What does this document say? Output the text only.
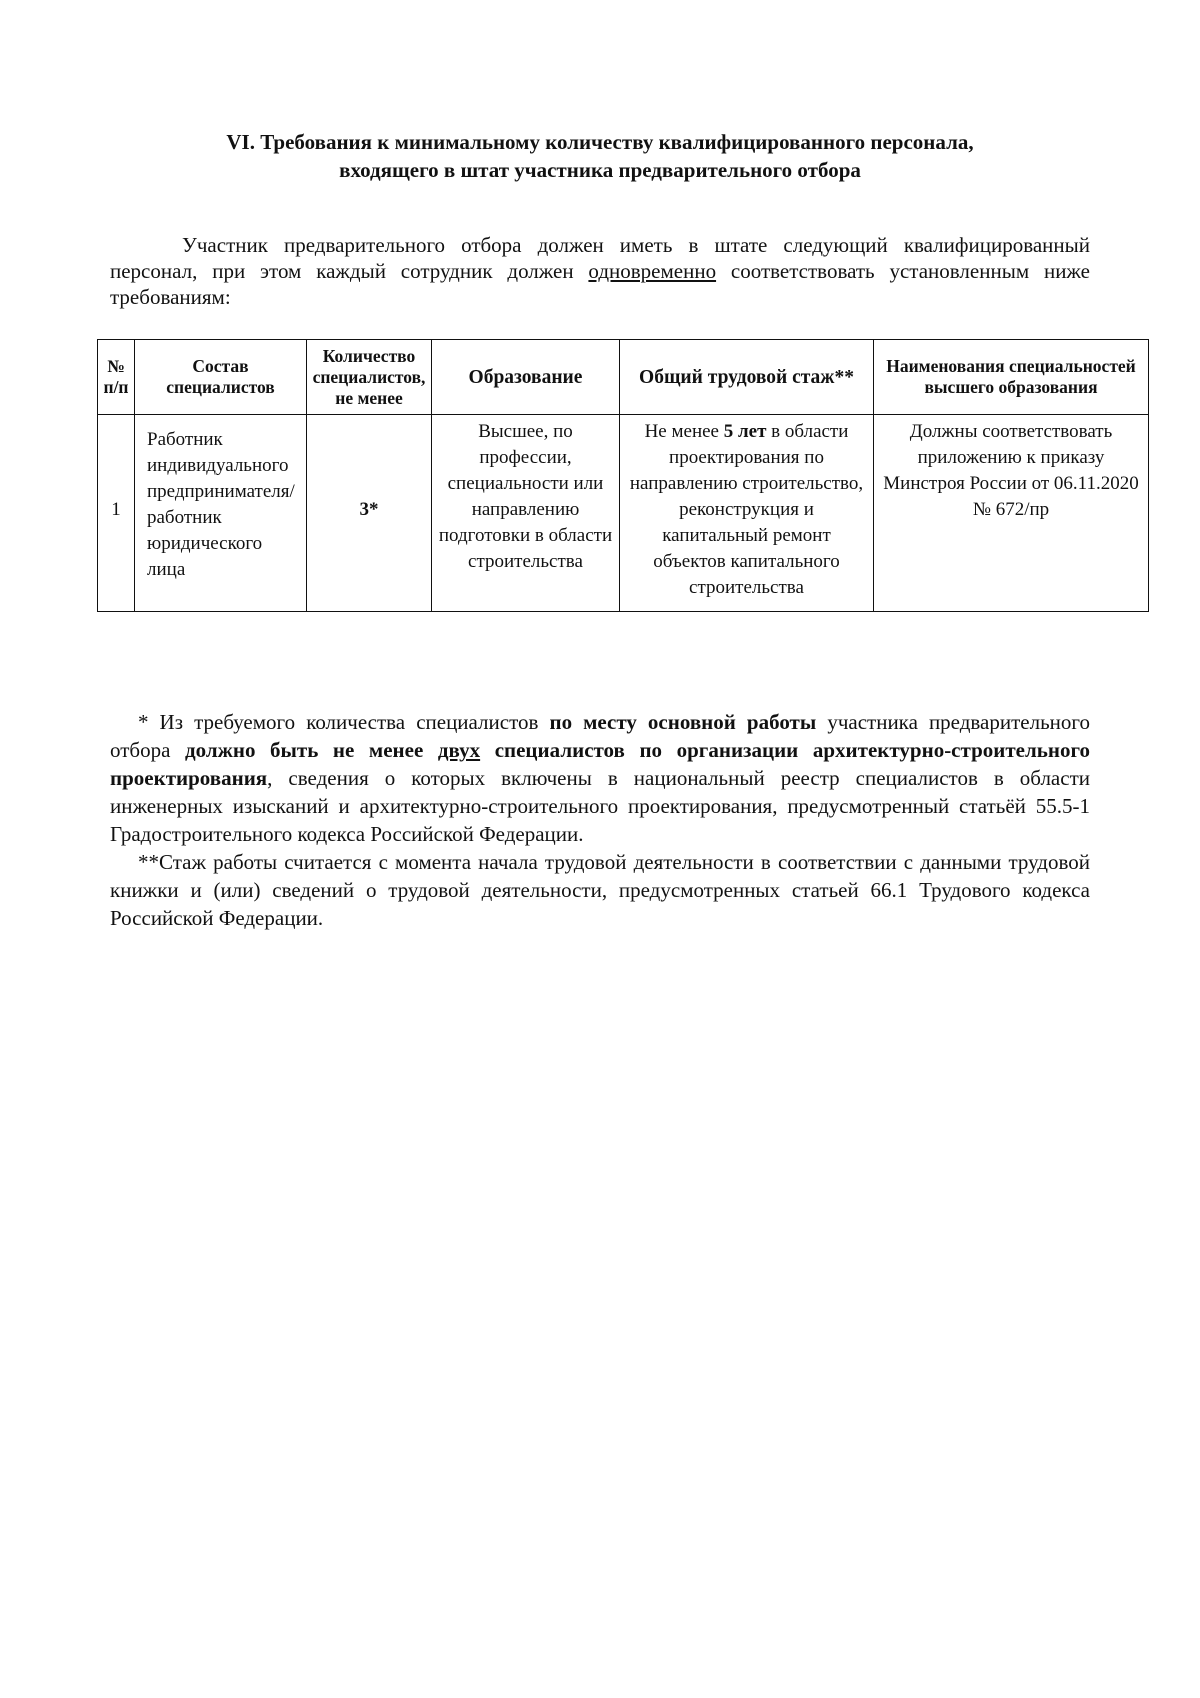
VI. Требования к минимальному количеству квалифицированного персонала,
входящего в штат участника предварительного отбора
Участник предварительного отбора должен иметь в штате следующий квалифицированный персонал, при этом каждый сотрудник должен одновременно соответствовать установленным ниже требованиям:
№ п/п	Состав специалистов	Количество специалистов, не менее	Образование	Общий трудовой стаж**	Наименования специальностей высшего образования
1	Работник индивидуального предпринимателя/ работник юридического лица	3*	Высшее, по профессии, специальности или направлению подготовки в области строительства	Не менее 5 лет в области проектирования по направлению строительство, реконструкция и капитальный ремонт объектов капитального строительства	Должны соответствовать приложению к приказу Минстроя России от 06.11.2020 № 672/пр

* Из требуемого количества специалистов по месту основной работы участника предварительного отбора должно быть не менее двух специалистов по организации архитектурно-строительного проектирования, сведения о которых включены в национальный реестр специалистов в области инженерных изысканий и архитектурно-строительного проектирования, предусмотренный статьёй 55.5-1 Градостроительного кодекса Российской Федерации.

**Стаж работы считается с момента начала трудовой деятельности в соответствии с данными трудовой книжки и (или) сведений о трудовой деятельности, предусмотренных статьей 66.1 Трудового кодекса Российской Федерации.
